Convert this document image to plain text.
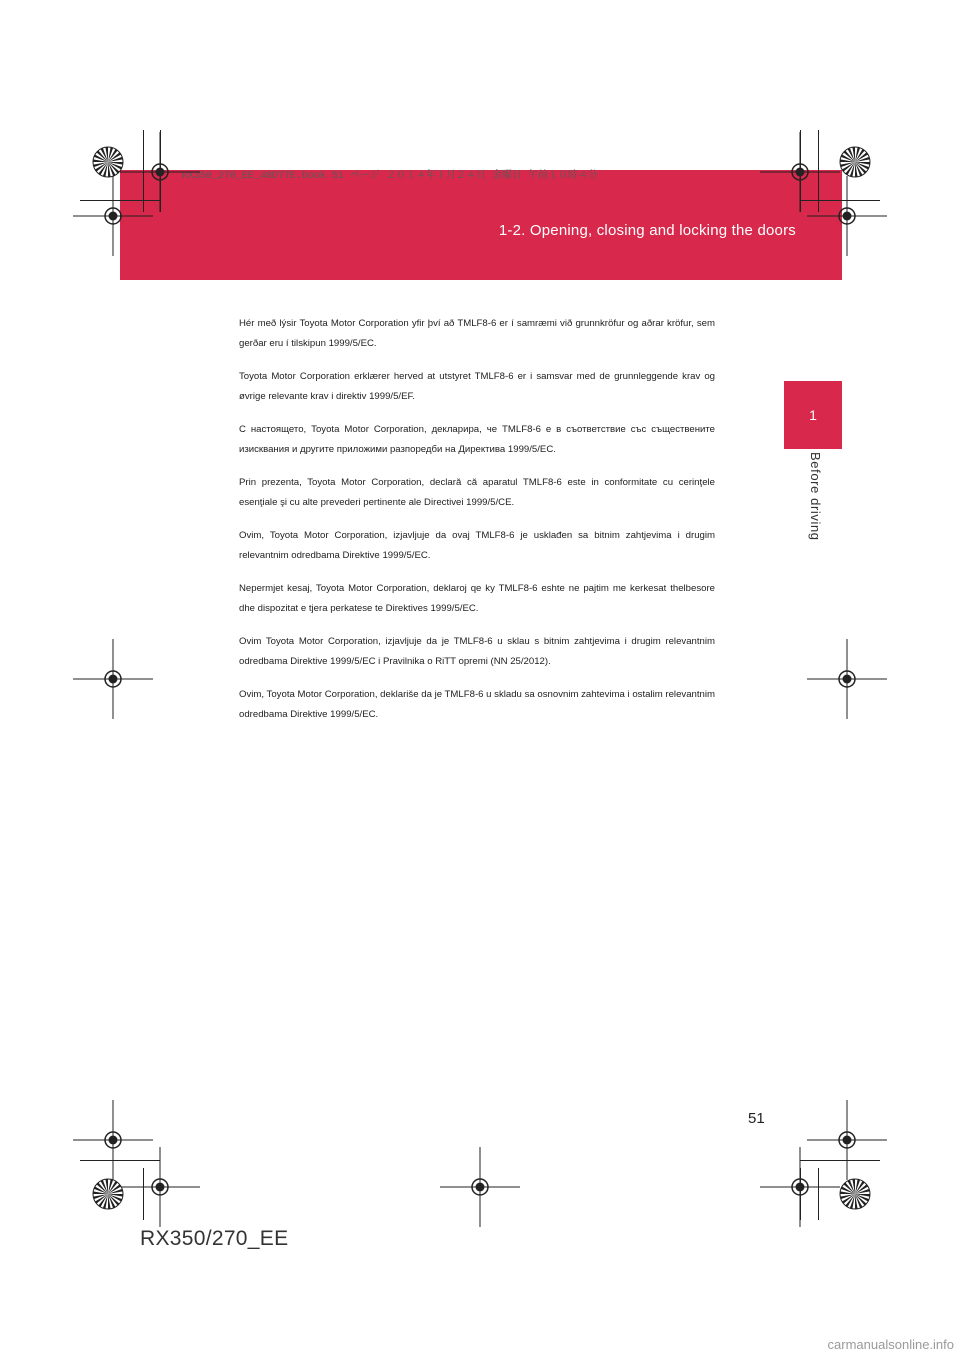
1-2. Opening, closing and locking the doors
RX350_270_EE_48D77E.book 51 ページ ２０１４年１月２４日 金曜日 午前１０時４分
1
Before driving

Hér með lýsir Toyota Motor Corporation yfir því að TMLF8-6 er í samræmi við grunnkröfur og aðrar kröfur, sem gerðar eru í tilskipun 1999/5/EC.

Toyota Motor Corporation erklærer herved at utstyret TMLF8-6 er i samsvar med de grunnleggende krav og øvrige relevante krav i direktiv 1999/5/EF.

С настоящето, Toyota Motor Corporation, декларира, че TMLF8-6 е в съответствие със съществените изисквания и другите приложими разпоредби на Директива 1999/5/ЕС.

Prin prezenta, Toyota Motor Corporation, declară că aparatul TMLF8-6 este in conformitate cu cerinţele esenţiale şi cu alte prevederi pertinente ale Directivei 1999/5/CE.

Ovim, Toyota Motor Corporation, izjavljuje da ovaj TMLF8-6 je usklađen sa bitnim zahtjevima i drugim relevantnim odredbama Direktive 1999/5/EC.

Nepermjet kesaj, Toyota Motor Corporation, deklaroj qe ky TMLF8-6 eshte ne pajtim me kerkesat thelbesore dhe dispozitat e tjera perkatese te Direktives 1999/5/EC.

Ovim Toyota Motor Corporation, izjavljuje da je TMLF8-6 u sklau s bitnim zahtjevima i drugim relevantnim odredbama Direktive 1999/5/EC i Pravilnika o RiTT opremi (NN 25/2012).

Ovim, Toyota Motor Corporation, deklariše da je TMLF8-6 u skladu sa osnovnim zahtevima i ostalim relevantnim odredbama Direktive 1999/5/EC.

51
RX350/270_EE
carmanualsonline.info
